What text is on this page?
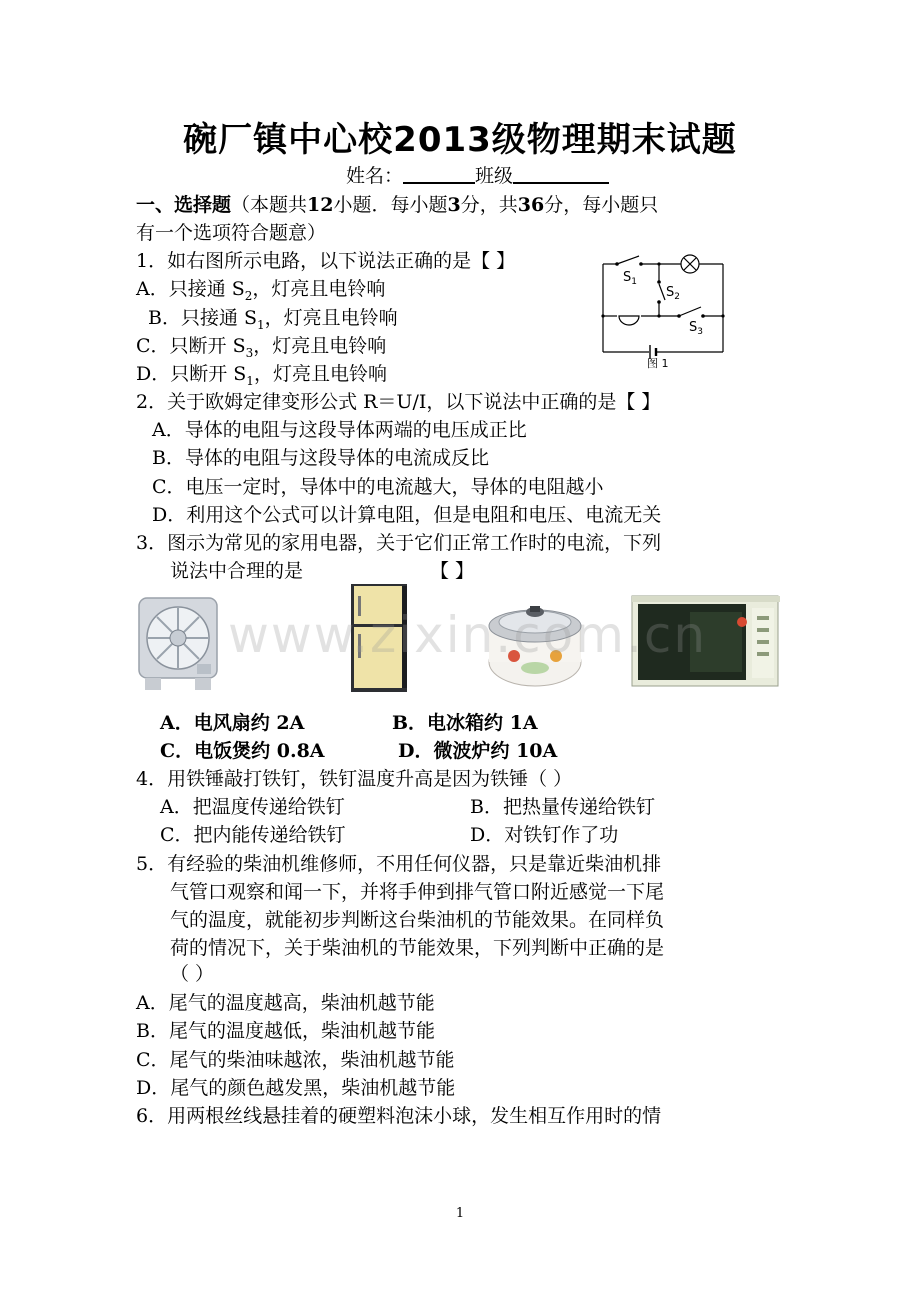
碗厂镇中心校2013级物理期末试题
姓名：	班级
一、选择题（本题共12小题．每小题3分，共36分，每小题只
有一个选项符合题意）
1．如右图所示电路，以下说法正确的是【 】
A．只接通 $S_2$，灯亮且电铃响
B．只接通 $S_1$，灯亮且电铃响
C．只断开 $S_3$，灯亮且电铃响
D．只断开 $S_1$，灯亮且电铃响
$S_1$
$S_2$
$S_3$
图 1
2．关于欧姆定律变形公式 R＝U/I，以下说法中正确的是【 】
A．导体的电阻与这段导体两端的电压成正比
B．导体的电阻与这段导体的电流成反比
C．电压一定时，导体中的电流越大，导体的电阻越小
D．利用这个公式可以计算电阻，但是电阻和电压、电流无关
3．图示为常见的家用电器，关于它们正常工作时的电流，下列
说法中合理的是	【 】
www.zixin.com.cn
A．电风扇约 2A	B．电冰箱约 1A
C．电饭煲约 0.8A	D．微波炉约 10A
4．用铁锤敲打铁钉，铁钉温度升高是因为铁锤（ ）
A．把温度传递给铁钉	B．把热量传递给铁钉
C．把内能传递给铁钉	D．对铁钉作了功
5．有经验的柴油机维修师，不用任何仪器，只是靠近柴油机排
气管口观察和闻一下，并将手伸到排气管口附近感觉一下尾
气的温度，就能初步判断这台柴油机的节能效果。在同样负
荷的情况下，关于柴油机的节能效果，下列判断中正确的是
（ ）
A．尾气的温度越高，柴油机越节能
B．尾气的温度越低，柴油机越节能
C．尾气的柴油味越浓，柴油机越节能
D．尾气的颜色越发黑，柴油机越节能
6．用两根丝线悬挂着的硬塑料泡沫小球，发生相互作用时的情
1
